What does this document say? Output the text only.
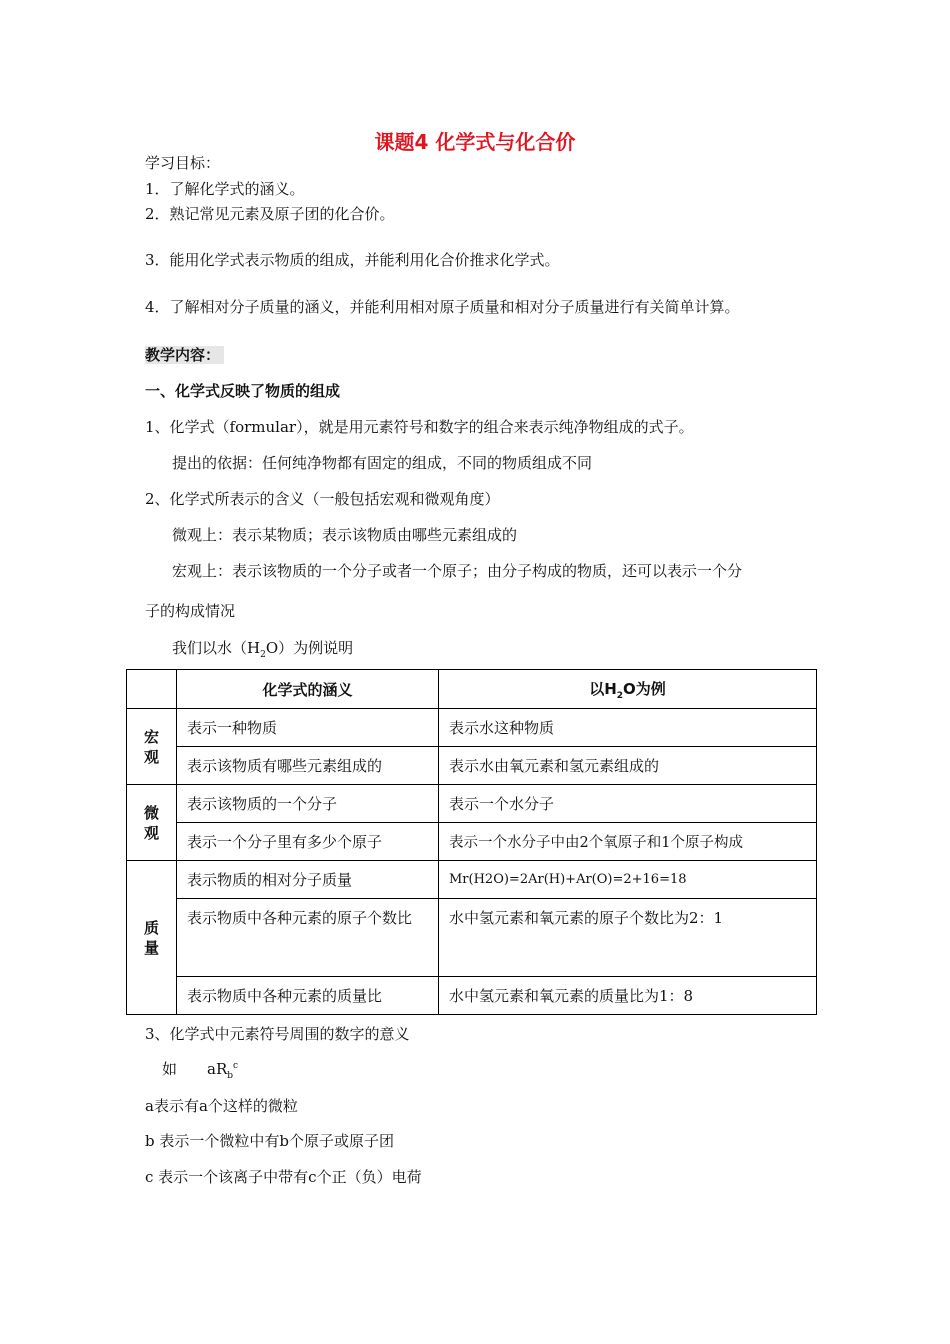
课题4 化学式与化合价
学习目标：
1．了解化学式的涵义。
2．熟记常见元素及原子团的化合价。
3．能用化学式表示物质的组成，并能利用化合价推求化学式。
4．了解相对分子质量的涵义，并能利用相对原子质量和相对分子质量进行有关简单计算。
教学内容：
一、化学式反映了物质的组成
1、化学式（formular），就是用元素符号和数字的组合来表示纯净物组成的式子。
提出的依据：任何纯净物都有固定的组成，不同的物质组成不同
2、化学式所表示的含义（一般包括宏观和微观角度）
微观上：表示某物质；表示该物质由哪些元素组成的
宏观上：表示该物质的一个分子或者一个原子；由分子构成的物质，还可以表示一个分
子的构成情况
我们以水$(H_2O)$为例说明
	化学式的涵义	以$H_2O$为例
宏观	表示一种物质	表示水这种物质
	表示该物质有哪些元素组成的	表示水由氧元素和氢元素组成的
微观	表示该物质的一个分子	表示一个水分子
	表示一个分子里有多少个原子	表示一个水分子中由2个氧原子和1个原子构成
质量	表示物质的相对分子质量	Mr(H2O)=2Ar(H)+Ar(O)=2+16=18
	表示物质中各种元素的原子个数比	水中氢元素和氧元素的原子个数比为2：1
	表示物质中各种元素的质量比	水中氢元素和氧元素的质量比为1：8
3、化学式中元素符号周围的数字的意义
如 $aR_b^c$
a表示有a个这样的微粒
b 表示一个微粒中有b个原子或原子团
c 表示一个该离子中带有c个正（负）电荷
